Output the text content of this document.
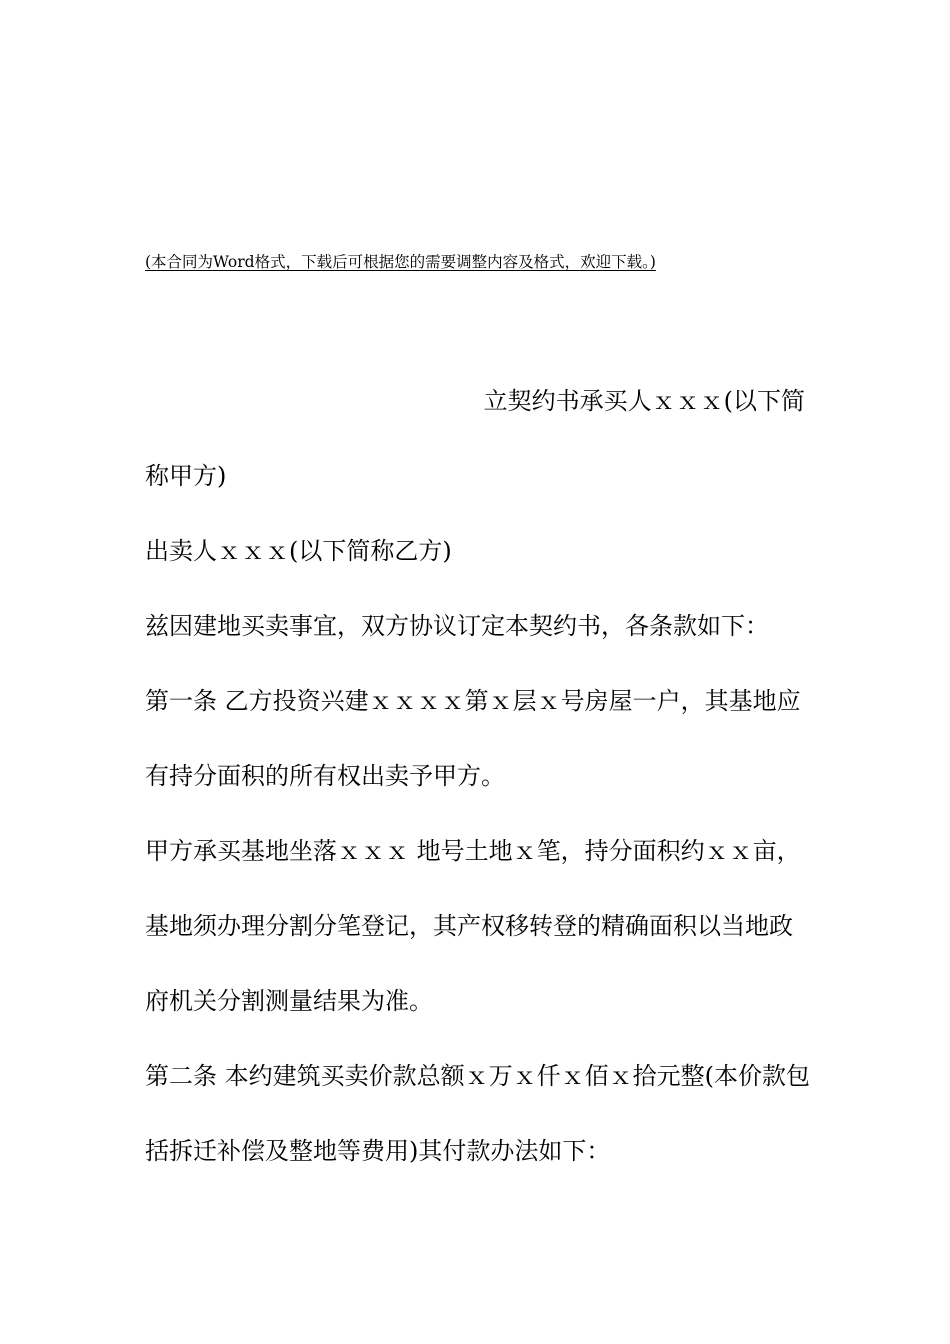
(本合同为Word格式，下载后可根据您的需要调整内容及格式，欢迎下载。)
立契约书承买人ｘｘｘ(以下简
称甲方)
出卖人ｘｘｘ(以下简称乙方)
兹因建地买卖事宜，双方协议订定本契约书，各条款如下：
第一条 乙方投资兴建ｘｘｘｘ第ｘ层ｘ号房屋一户，其基地应
有持分面积的所有权出卖予甲方。
甲方承买基地坐落ｘｘｘ 地号土地ｘ笔，持分面积约ｘｘ亩，
基地须办理分割分笔登记，其产权移转登的精确面积以当地政
府机关分割测量结果为准。
第二条 本约建筑买卖价款总额ｘ万ｘ仟ｘ佰ｘ拾元整(本价款包
括拆迁补偿及整地等费用)其付款办法如下：
